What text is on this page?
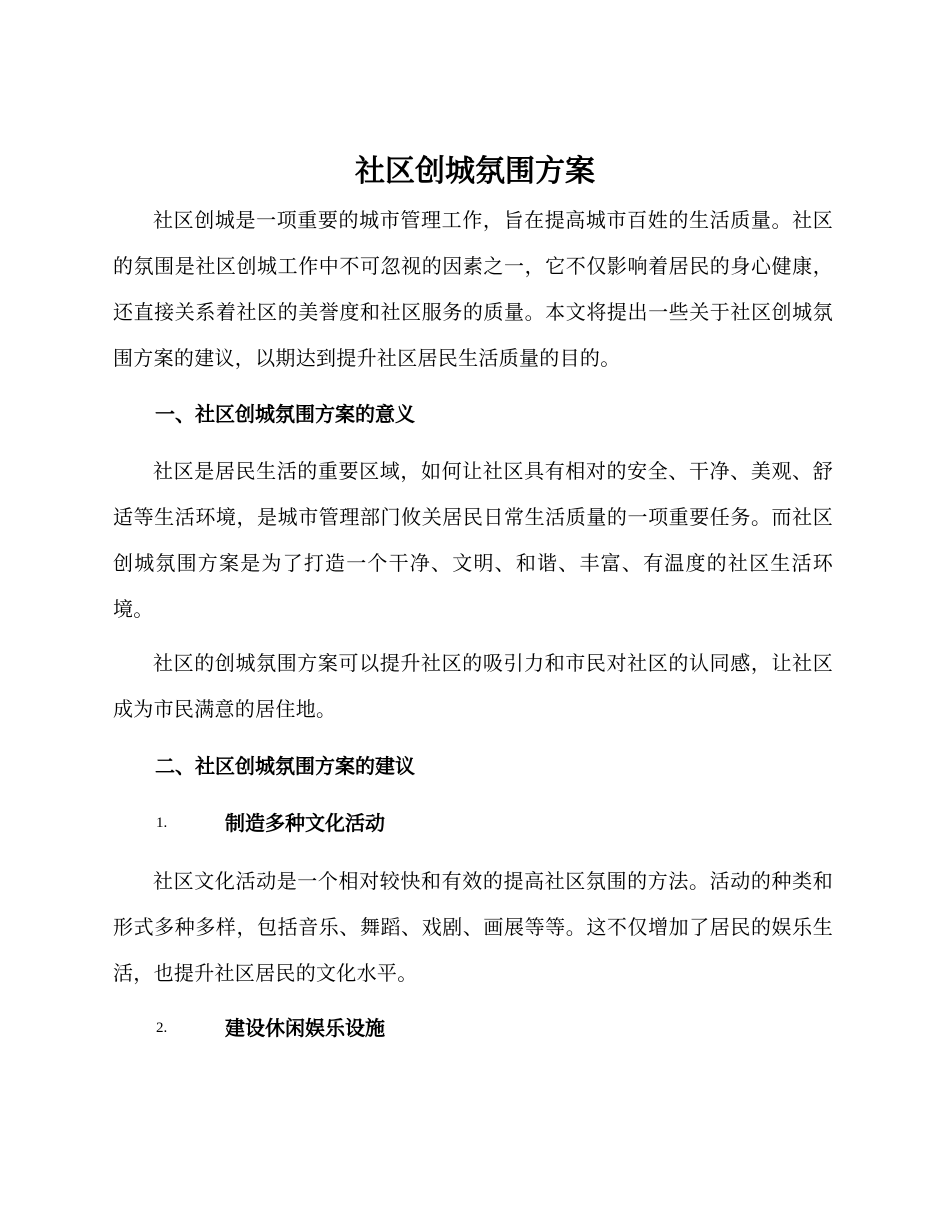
社区创城氛围方案

社区创城是一项重要的城市管理工作，旨在提高城市百姓的生活质量。社区的氛围是社区创城工作中不可忽视的因素之一，它不仅影响着居民的身心健康，还直接关系着社区的美誉度和社区服务的质量。本文将提出一些关于社区创城氛围方案的建议，以期达到提升社区居民生活质量的目的。

一、社区创城氛围方案的意义

社区是居民生活的重要区域，如何让社区具有相对的安全、干净、美观、舒适等生活环境，是城市管理部门攸关居民日常生活质量的一项重要任务。而社区创城氛围方案是为了打造一个干净、文明、和谐、丰富、有温度的社区生活环境。

社区的创城氛围方案可以提升社区的吸引力和市民对社区的认同感，让社区成为市民满意的居住地。

二、社区创城氛围方案的建议
1.	制造多种文化活动

社区文化活动是一个相对较快和有效的提高社区氛围的方法。活动的种类和形式多种多样，包括音乐、舞蹈、戏剧、画展等等。这不仅增加了居民的娱乐生活，也提升社区居民的文化水平。

2.	建设休闲娱乐设施
